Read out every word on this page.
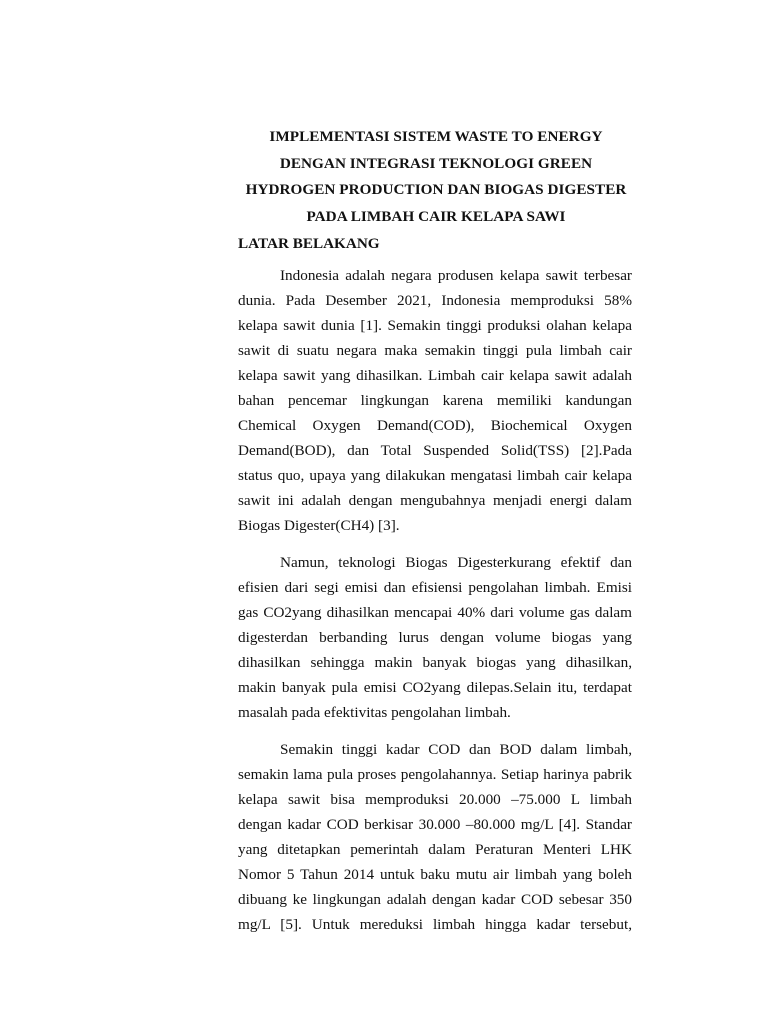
IMPLEMENTASI SISTEM WASTE TO ENERGY
DENGAN INTEGRASI TEKNOLOGI GREEN
HYDROGEN PRODUCTION DAN BIOGAS DIGESTER
PADA LIMBAH CAIR KELAPA SAWI
LATAR BELAKANG
Indonesia adalah negara produsen kelapa sawit terbesar
dunia. Pada Desember 2021, Indonesia memproduksi 58%
kelapa sawit dunia [1]. Semakin tinggi produksi olahan kelapa
sawit di suatu negara maka semakin tinggi pula limbah cair
kelapa sawit yang dihasilkan. Limbah cair kelapa sawit adalah
bahan pencemar lingkungan karena memiliki kandungan
Chemical Oxygen Demand(COD), Biochemical Oxygen
Demand(BOD), dan Total Suspended Solid(TSS) [2].Pada
status quo, upaya yang dilakukan mengatasi limbah cair kelapa
sawit ini adalah dengan mengubahnya menjadi energi dalam
Biogas Digester(CH4) [3].
Namun, teknologi Biogas Digesterkurang efektif dan
efisien dari segi emisi dan efisiensi pengolahan limbah. Emisi
gas CO2yang dihasilkan mencapai 40% dari volume gas dalam
digesterdan berbanding lurus dengan volume biogas yang
dihasilkan sehingga makin banyak biogas yang dihasilkan,
makin banyak pula emisi CO2yang dilepas.Selain itu, terdapat
masalah pada efektivitas pengolahan limbah.
Semakin tinggi kadar COD dan BOD dalam limbah,
semakin lama pula proses pengolahannya. Setiap harinya pabrik
kelapa sawit bisa memproduksi 20.000 –75.000 L limbah
dengan kadar COD berkisar 30.000 –80.000 mg/L [4]. Standar
yang ditetapkan pemerintah dalam Peraturan Menteri LHK
Nomor 5 Tahun 2014 untuk baku mutu air limbah yang boleh
dibuang ke lingkungan adalah dengan kadar COD sebesar 350
mg/L [5]. Untuk mereduksi limbah hingga kadar tersebut,
